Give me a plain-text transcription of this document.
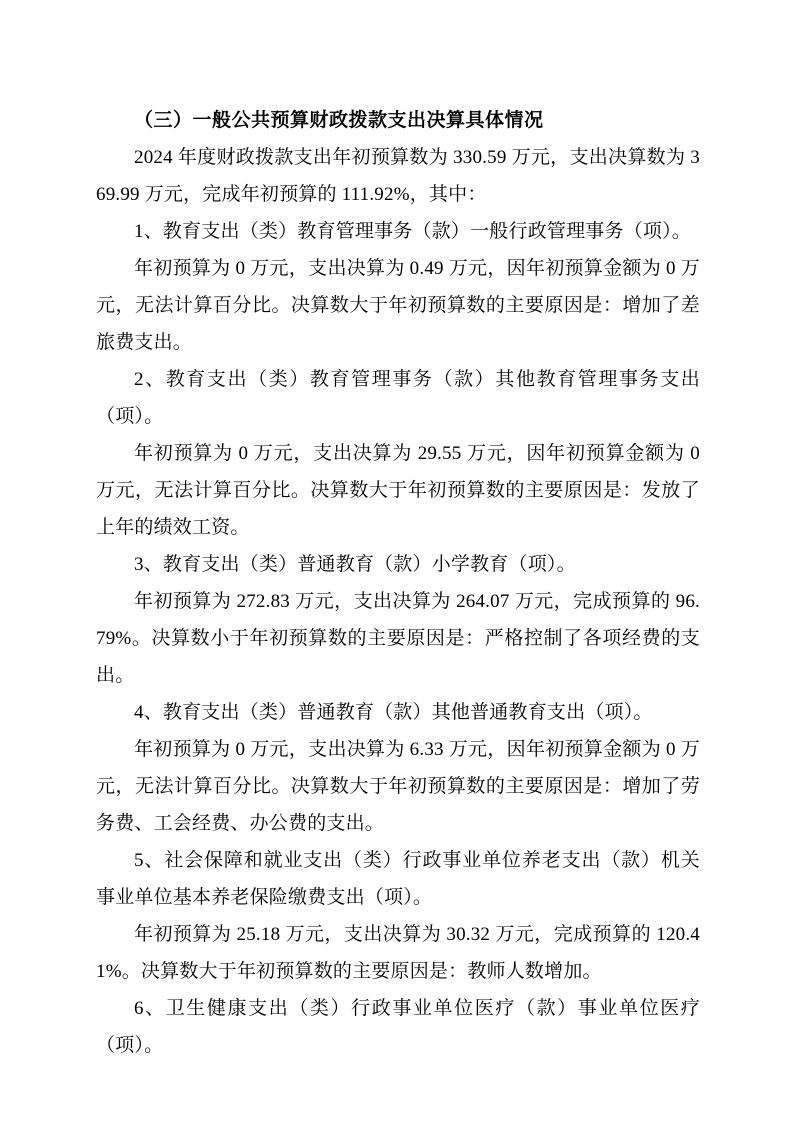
（三）一般公共预算财政拨款支出决算具体情况

2024 年度财政拨款支出年初预算数为 330.59 万元，支出决算数为 369.99 万元，完成年初预算的 111.92%，其中：

1、教育支出（类）教育管理事务（款）一般行政管理事务（项）。

年初预算为 0 万元，支出决算为 0.49 万元，因年初预算金额为 0 万元，无法计算百分比。决算数大于年初预算数的主要原因是：增加了差旅费支出。

2、教育支出（类）教育管理事务（款）其他教育管理事务支出（项）。

年初预算为 0 万元，支出决算为 29.55 万元，因年初预算金额为 0 万元，无法计算百分比。决算数大于年初预算数的主要原因是：发放了上年的绩效工资。

3、教育支出（类）普通教育（款）小学教育（项）。

年初预算为 272.83 万元，支出决算为 264.07 万元，完成预算的 96.79%。决算数小于年初预算数的主要原因是：严格控制了各项经费的支出。

4、教育支出（类）普通教育（款）其他普通教育支出（项）。

年初预算为 0 万元，支出决算为 6.33 万元，因年初预算金额为 0 万元，无法计算百分比。决算数大于年初预算数的主要原因是：增加了劳务费、工会经费、办公费的支出。

5、社会保障和就业支出（类）行政事业单位养老支出（款）机关事业单位基本养老保险缴费支出（项）。

年初预算为 25.18 万元，支出决算为 30.32 万元，完成预算的 120.41%。决算数大于年初预算数的主要原因是：教师人数增加。

6、卫生健康支出（类）行政事业单位医疗（款）事业单位医疗（项）。
